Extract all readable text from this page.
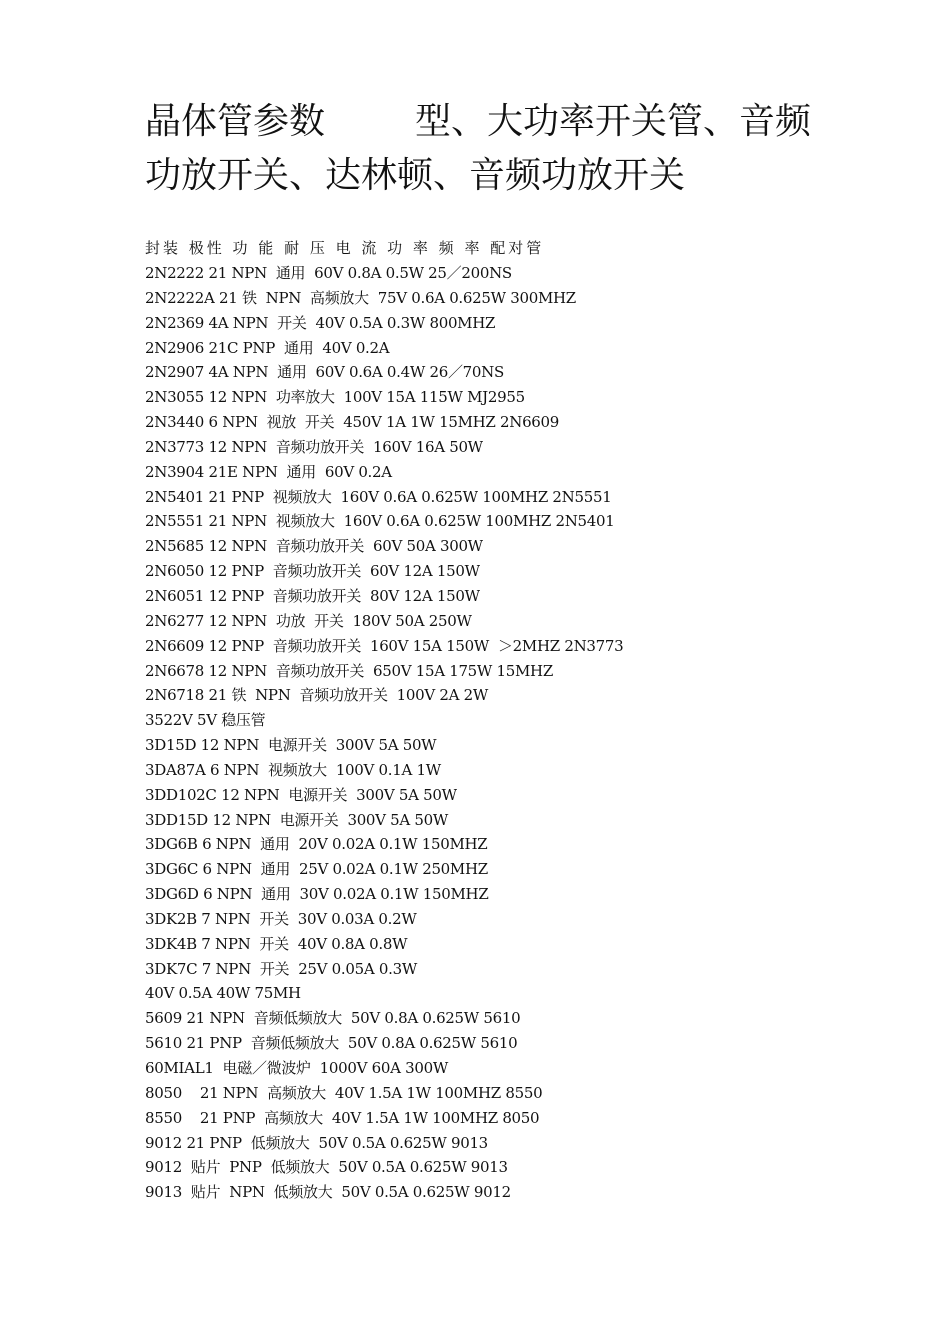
晶体管参数	型、大功率开关管、音频功放开关、达林顿、音频功放开关
封装 极性 功 能 耐 压 电 流 功 率 频 率 配对管
2N2222 21 NPN  通用  60V 0.8A 0.5W 25／200NS
2N2222A 21 铁  NPN  高频放大  75V 0.6A 0.625W 300MHZ
2N2369 4A NPN  开关  40V 0.5A 0.3W 800MHZ
2N2906 21C PNP  通用  40V 0.2A
2N2907 4A NPN  通用  60V 0.6A 0.4W 26／70NS
2N3055 12 NPN  功率放大  100V 15A 115W MJ2955
2N3440 6 NPN  视放  开关  450V 1A 1W 15MHZ 2N6609
2N3773 12 NPN  音频功放开关  160V 16A 50W
2N3904 21E NPN  通用  60V 0.2A
2N5401 21 PNP  视频放大  160V 0.6A 0.625W 100MHZ 2N5551
2N5551 21 NPN  视频放大  160V 0.6A 0.625W 100MHZ 2N5401
2N5685 12 NPN  音频功放开关  60V 50A 300W
2N6050 12 PNP  音频功放开关  60V 12A 150W
2N6051 12 PNP  音频功放开关  80V 12A 150W
2N6277 12 NPN  功放  开关  180V 50A 250W
2N6609 12 PNP  音频功放开关  160V 15A 150W  ＞2MHZ 2N3773
2N6678 12 NPN  音频功放开关  650V 15A 175W 15MHZ
2N6718 21 铁  NPN  音频功放开关  100V 2A 2W
3522V 5V 稳压管
3D15D 12 NPN  电源开关  300V 5A 50W
3DA87A 6 NPN  视频放大  100V 0.1A 1W
3DD102C 12 NPN  电源开关  300V 5A 50W
3DD15D 12 NPN  电源开关  300V 5A 50W
3DG6B 6 NPN  通用  20V 0.02A 0.1W 150MHZ
3DG6C 6 NPN  通用  25V 0.02A 0.1W 250MHZ
3DG6D 6 NPN  通用  30V 0.02A 0.1W 150MHZ
3DK2B 7 NPN  开关  30V 0.03A 0.2W
3DK4B 7 NPN  开关  40V 0.8A 0.8W
3DK7C 7 NPN  开关  25V 0.05A 0.3W
40V 0.5A 40W 75MH
5609 21 NPN  音频低频放大  50V 0.8A 0.625W 5610
5610 21 PNP  音频低频放大  50V 0.8A 0.625W 5610
60MIAL1  电磁／微波炉  1000V 60A 300W
8050    21 NPN  高频放大  40V 1.5A 1W 100MHZ 8550
8550    21 PNP  高频放大  40V 1.5A 1W 100MHZ 8050
9012 21 PNP  低频放大  50V 0.5A 0.625W 9013
9012  贴片  PNP  低频放大  50V 0.5A 0.625W 9013
9013  贴片  NPN  低频放大  50V 0.5A 0.625W 9012
